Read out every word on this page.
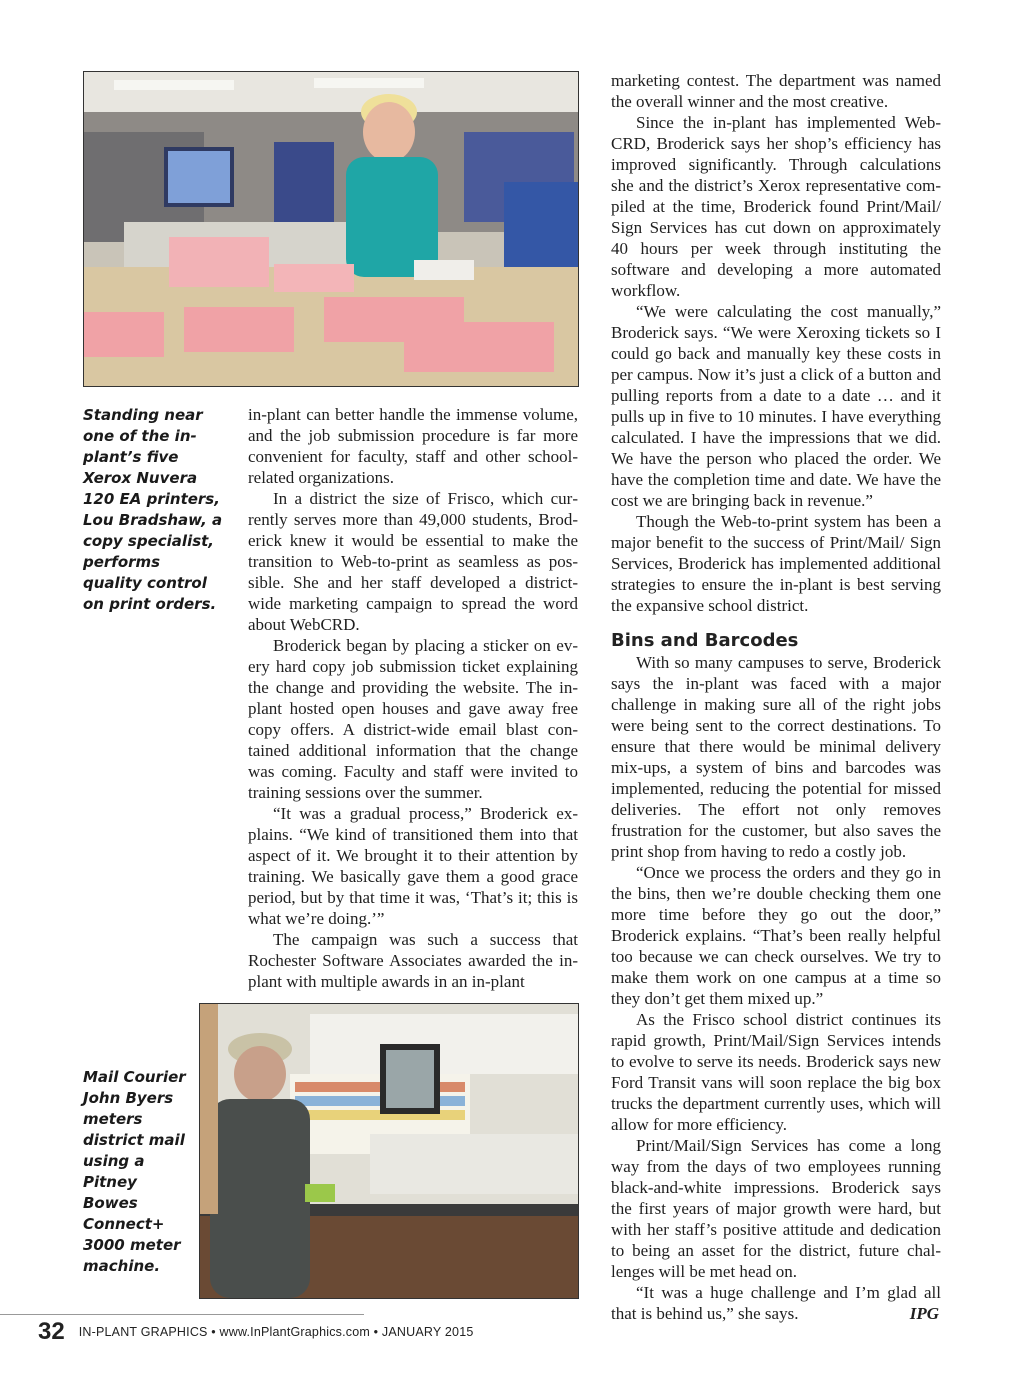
Standing near one of the in-plant’s five Xerox Nuvera 120 EA printers, Lou Bradshaw, a copy specialist, performs quality control on print orders.
Mail Courier John Byers meters district mail using a Pitney Bowes Connect+ 3000 meter machine.

in-plant can better handle the immense volume, and the job submission procedure is far more convenient for faculty, staff and other school-related organizations.

In a district the size of Frisco, which currently serves more than 49,000 students, Broderick knew it would be essential to make the transition to Web-to-print as seamless as possible. She and her staff developed a district-wide marketing campaign to spread the word about WebCRD.

Broderick began by placing a sticker on every hard copy job submission ticket explaining the change and providing the website. The in-plant hosted open houses and gave away free copy offers. A district-wide email blast contained additional information that the change was coming. Faculty and staff were invited to training sessions over the summer.

“It was a gradual process,” Broderick explains. “We kind of transitioned them into that aspect of it. We brought it to their attention by training. We basically gave them a good grace period, but by that time it was, ‘That’s it; this is what we’re doing.’”

The campaign was such a success that Rochester Software Associates awarded the in-plant with multiple awards in an in-plant

marketing contest. The department was named the overall winner and the most creative.

Since the in-plant has implemented WebCRD, Broderick says her shop’s efficiency has improved significantly. Through calculations she and the district’s Xerox representative compiled at the time, Broderick found Print/Mail/ Sign Services has cut down on approximately 40 hours per week through instituting the software and developing a more automated workflow.

“We were calculating the cost manually,” Broderick says. “We were Xeroxing tickets so I could go back and manually key these costs in per campus. Now it’s just a click of a button and pulling reports from a date to a date … and it pulls up in five to 10 minutes. I have everything calculated. I have the impressions that we did. We have the person who placed the order. We have the completion time and date. We have the cost we are bringing back in revenue.”

Though the Web-to-print system has been a major benefit to the success of Print/Mail/ Sign Services, Broderick has implemented additional strategies to ensure the in-plant is best serving the expansive school district.

Bins and Barcodes

With so many campuses to serve, Broderick says the in-plant was faced with a major challenge in making sure all of the right jobs were being sent to the correct destinations. To ensure that there would be minimal delivery mix-ups, a system of bins and barcodes was implemented, reducing the potential for missed deliveries. The effort not only removes frustration for the customer, but also saves the print shop from having to redo a costly job.

“Once we process the orders and they go in the bins, then we’re double checking them one more time before they go out the door,” Broderick explains. “That’s been really helpful too because we can check ourselves. We try to make them work on one campus at a time so they don’t get them mixed up.”

As the Frisco school district continues its rapid growth, Print/Mail/Sign Services intends to evolve to serve its needs. Broderick says new Ford Transit vans will soon replace the big box trucks the department currently uses, which will allow for more efficiency.

Print/Mail/Sign Services has come a long way from the days of two employees running black-and-white impressions. Broderick says the first years of major growth were hard, but with her staff’s positive attitude and dedication to being an asset for the district, future challenges will be met head on.

“It was a huge challenge and I’m glad all that is behind us,” she says.	IPG

32 IN-PLANT GRAPHICS • www.InPlantGraphics.com • JANUARY 2015
